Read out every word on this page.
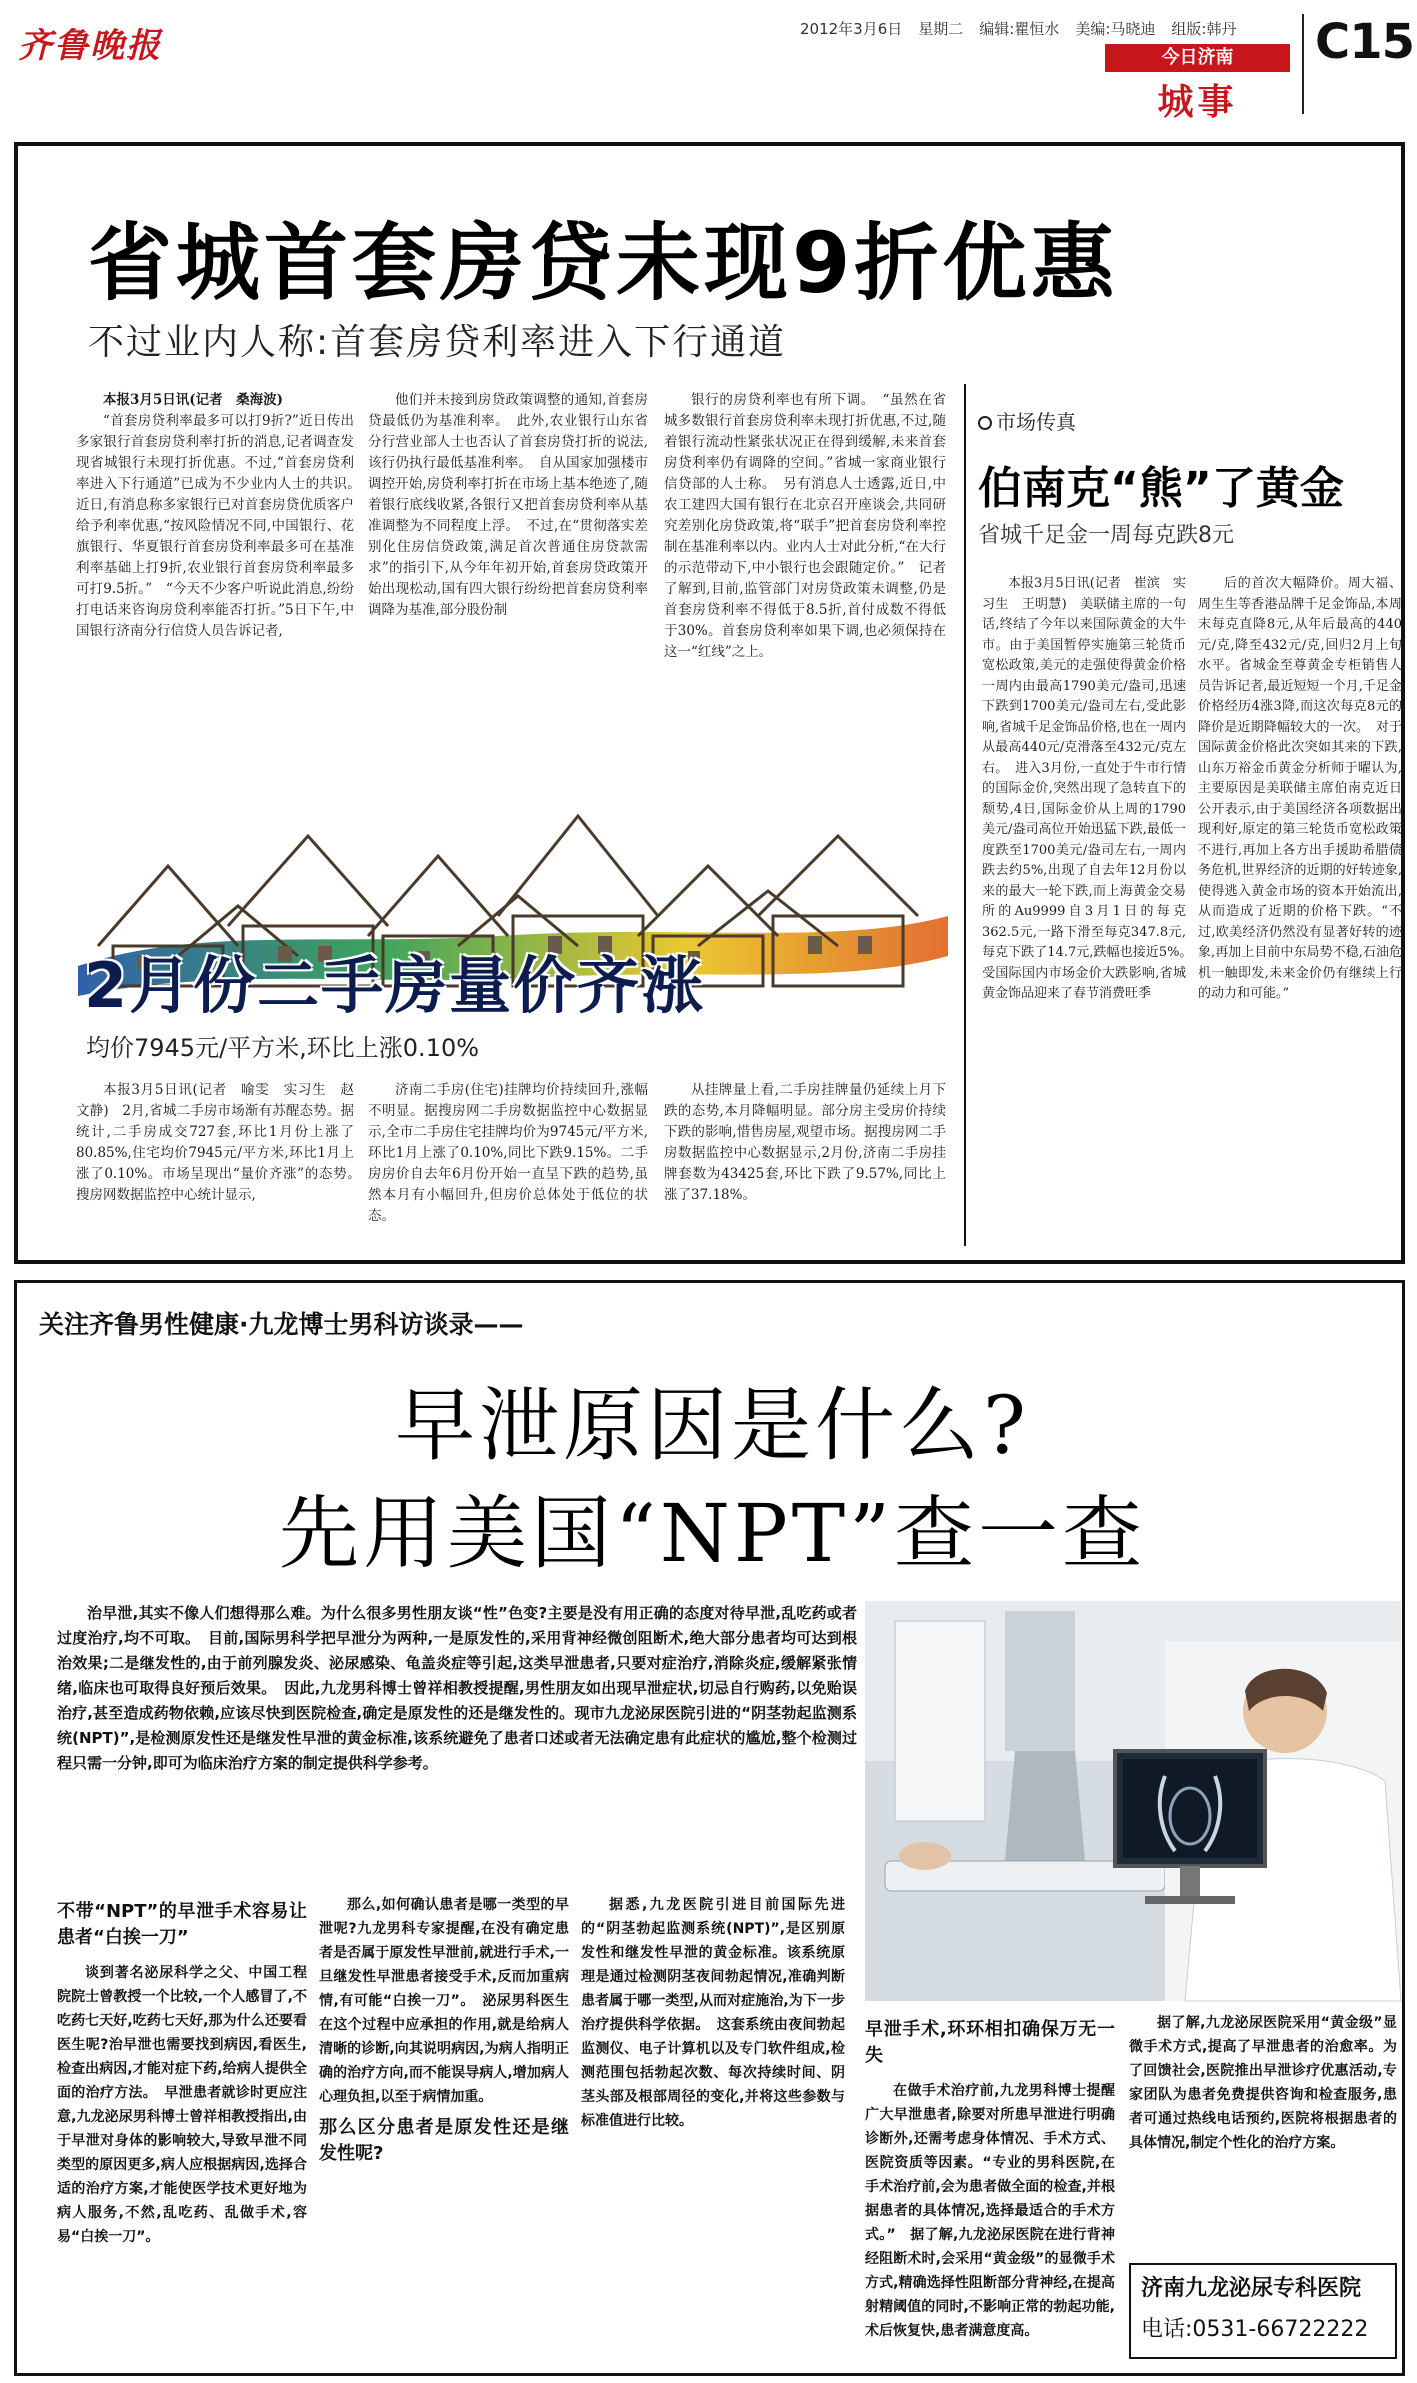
齐鲁晚报	2012年3月6日 星期二 编辑:瞿恒水 美编:马晓迪 组版:韩丹
今日济南
城事
C15
省城首套房贷未现9折优惠
不过业内人称:首套房贷利率进入下行通道

本报3月5日讯(记者　桑海波)

“首套房贷利率最多可以打9折?”近日传出多家银行首套房贷利率打折的消息,记者调查发现省城银行未现打折优惠。不过,“首套房贷利率进入下行通道”已成为不少业内人士的共识。　近日,有消息称多家银行已对首套房贷优质客户给予利率优惠,“按风险情况不同,中国银行、花旗银行、华夏银行首套房贷利率最多可在基准利率基础上打9折,农业银行首套房贷利率最多可打9.5折。”　“今天不少客户听说此消息,纷纷打电话来咨询房贷利率能否打折。”5日下午,中国银行济南分行信贷人员告诉记者,

他们并未接到房贷政策调整的通知,首套房贷最低仍为基准利率。　此外,农业银行山东省分行营业部人士也否认了首套房贷打折的说法,该行仍执行最低基准利率。　自从国家加强楼市调控开始,房贷利率打折在市场上基本绝迹了,随着银行底线收紧,各银行又把首套房贷利率从基准调整为不同程度上浮。　不过,在“贯彻落实差别化住房信贷政策,满足首次普通住房贷款需求”的指引下,从今年年初开始,首套房贷政策开始出现松动,国有四大银行纷纷把首套房贷利率调降为基准,部分股份制

银行的房贷利率也有所下调。　“虽然在省城多数银行首套房贷利率未现打折优惠,不过,随着银行流动性紧张状况正在得到缓解,未来首套房贷利率仍有调降的空间。”省城一家商业银行信贷部的人士称。　另有消息人士透露,近日,中农工建四大国有银行在北京召开座谈会,共同研究差别化房贷政策,将“联手”把首套房贷利率控制在基准利率以内。业内人士对此分析,“在大行的示范带动下,中小银行也会跟随定价。”　记者了解到,目前,监管部门对房贷政策未调整,仍是首套房贷利率不得低于8.5折,首付成数不得低于30%。首套房贷利率如果下调,也必须保持在这一“红线”之上。

2月份二手房量价齐涨
均价7945元/平方米,环比上涨0.10%

本报3月5日讯(记者　喻雯　实习生　赵文静)　2月,省城二手房市场渐有苏醒态势。据统计,二手房成交727套,环比1月份上涨了80.85%,住宅均价7945元/平方米,环比1月上涨了0.10%。市场呈现出“量价齐涨”的态势。　搜房网数据监控中心统计显示,

济南二手房(住宅)挂牌均价持续回升,涨幅不明显。据搜房网二手房数据监控中心数据显示,全市二手房住宅挂牌均价为9745元/平方米,环比1月上涨了0.10%,同比下跌9.15%。二手房房价自去年6月份开始一直呈下跌的趋势,虽然本月有小幅回升,但房价总体处于低位的状态。

从挂牌量上看,二手房挂牌量仍延续上月下跌的态势,本月降幅明显。部分房主受房价持续下跌的影响,惜售房屋,观望市场。据搜房网二手房数据监控中心数据显示,2月份,济南二手房挂牌套数为43425套,环比下跌了9.57%,同比上涨了37.18%。

市场传真
伯南克“熊”了黄金
省城千足金一周每克跌8元

本报3月5日讯(记者　崔滨　实习生　王明慧)　美联储主席的一句话,终结了今年以来国际黄金的大牛市。由于美国暂停实施第三轮货币宽松政策,美元的走强使得黄金价格一周内由最高1790美元/盎司,迅速下跌到1700美元/盎司左右,受此影响,省城千足金饰品价格,也在一周内从最高440元/克滑落至432元/克左右。　进入3月份,一直处于牛市行情的国际金价,突然出现了急转直下的颓势,4日,国际金价从上周的1790美元/盎司高位开始迅猛下跌,最低一度跌至1700美元/盎司左右,一周内跌去约5%,出现了自去年12月份以来的最大一轮下跌,而上海黄金交易所的Au9999自3月1日的每克362.5元,一路下滑至每克347.8元,每克下跌了14.7元,跌幅也接近5%。　受国际国内市场金价大跌影响,省城黄金饰品迎来了春节消费旺季

后的首次大幅降价。周大福、周生生等香港品牌千足金饰品,本周末每克直降8元,从年后最高的440元/克,降至432元/克,回归2月上旬水平。省城金至尊黄金专柜销售人员告诉记者,最近短短一个月,千足金价格经历4涨3降,而这次每克8元的降价是近期降幅较大的一次。　对于国际黄金价格此次突如其来的下跌,山东万裕金币黄金分析师于曜认为,主要原因是美联储主席伯南克近日公开表示,由于美国经济各项数据出现利好,原定的第三轮货币宽松政策不进行,再加上各方出手援助希腊债务危机,世界经济的近期的好转迹象,使得逃入黄金市场的资本开始流出,从而造成了近期的价格下跌。“不过,欧美经济仍然没有显著好转的迹象,再加上目前中东局势不稳,石油危机一触即发,未来金价仍有继续上行的动力和可能。”

关注齐鲁男性健康·九龙博士男科访谈录——
早泄原因是什么?
先用美国“NPT”查一查

治早泄,其实不像人们想得那么难。为什么很多男性朋友谈“性”色变?主要是没有用正确的态度对待早泄,乱吃药或者过度治疗,均不可取。　目前,国际男科学把早泄分为两种,一是原发性的,采用背神经微创阻断术,绝大部分患者均可达到根治效果;二是继发性的,由于前列腺发炎、泌尿感染、龟盖炎症等引起,这类早泄患者,只要对症治疗,消除炎症,缓解紧张情绪,临床也可取得良好预后效果。　因此,九龙男科博士曾祥相教授提醒,男性朋友如出现早泄症状,切忌自行购药,以免贻误治疗,甚至造成药物依赖,应该尽快到医院检查,确定是原发性的还是继发性的。现市九龙泌尿医院引进的“阴茎勃起监测系统(NPT)”,是检测原发性还是继发性早泄的黄金标准,该系统避免了患者口述或者无法确定患有此症状的尴尬,整个检测过程只需一分钟,即可为临床治疗方案的制定提供科学参考。

不带“NPT”的早泄手术容易让患者“白挨一刀”

谈到著名泌尿科学之父、中国工程院院士曾教授一个比较,一个人感冒了,不吃药七天好,吃药七天好,那为什么还要看医生呢?治早泄也需要找到病因,看医生,检查出病因,才能对症下药,给病人提供全面的治疗方法。　早泄患者就诊时更应注意,九龙泌尿男科博士曾祥相教授指出,由于早泄对身体的影响较大,导致早泄不同类型的原因更多,病人应根据病因,选择合适的治疗方案,才能使医学技术更好地为病人服务,不然,乱吃药、乱做手术,容易“白挨一刀”。

那么,如何确认患者是哪一类型的早泄呢?九龙男科专家提醒,在没有确定患者是否属于原发性早泄前,就进行手术,一旦继发性早泄患者接受手术,反而加重病情,有可能“白挨一刀”。　泌尿男科医生在这个过程中应承担的作用,就是给病人清晰的诊断,向其说明病因,为病人指明正确的治疗方向,而不能误导病人,增加病人心理负担,以至于病情加重。

那么区分患者是原发性还是继发性呢?

据悉,九龙医院引进目前国际先进的“阴茎勃起监测系统(NPT)”,是区别原发性和继发性早泄的黄金标准。该系统原理是通过检测阴茎夜间勃起情况,准确判断患者属于哪一类型,从而对症施治,为下一步治疗提供科学依据。　这套系统由夜间勃起监测仪、电子计算机以及专门软件组成,检测范围包括勃起次数、每次持续时间、阴茎头部及根部周径的变化,并将这些参数与标准值进行比较。

早泄手术,环环相扣确保万无一失

在做手术治疗前,九龙男科博士提醒广大早泄患者,除要对所患早泄进行明确诊断外,还需考虑身体情况、手术方式、医院资质等因素。“专业的男科医院,在手术治疗前,会为患者做全面的检查,并根据患者的具体情况,选择最适合的手术方式。”　据了解,九龙泌尿医院在进行背神经阻断术时,会采用“黄金级”的显微手术方式,精确选择性阻断部分背神经,在提高射精阈值的同时,不影响正常的勃起功能,术后恢复快,患者满意度高。

据了解,九龙泌尿医院采用“黄金级”显微手术方式,提高了早泄患者的治愈率。为了回馈社会,医院推出早泄诊疗优惠活动,专家团队为患者免费提供咨询和检查服务,患者可通过热线电话预约,医院将根据患者的具体情况,制定个性化的治疗方案。

济南九龙泌尿专科医院
电话:0531-66722222
